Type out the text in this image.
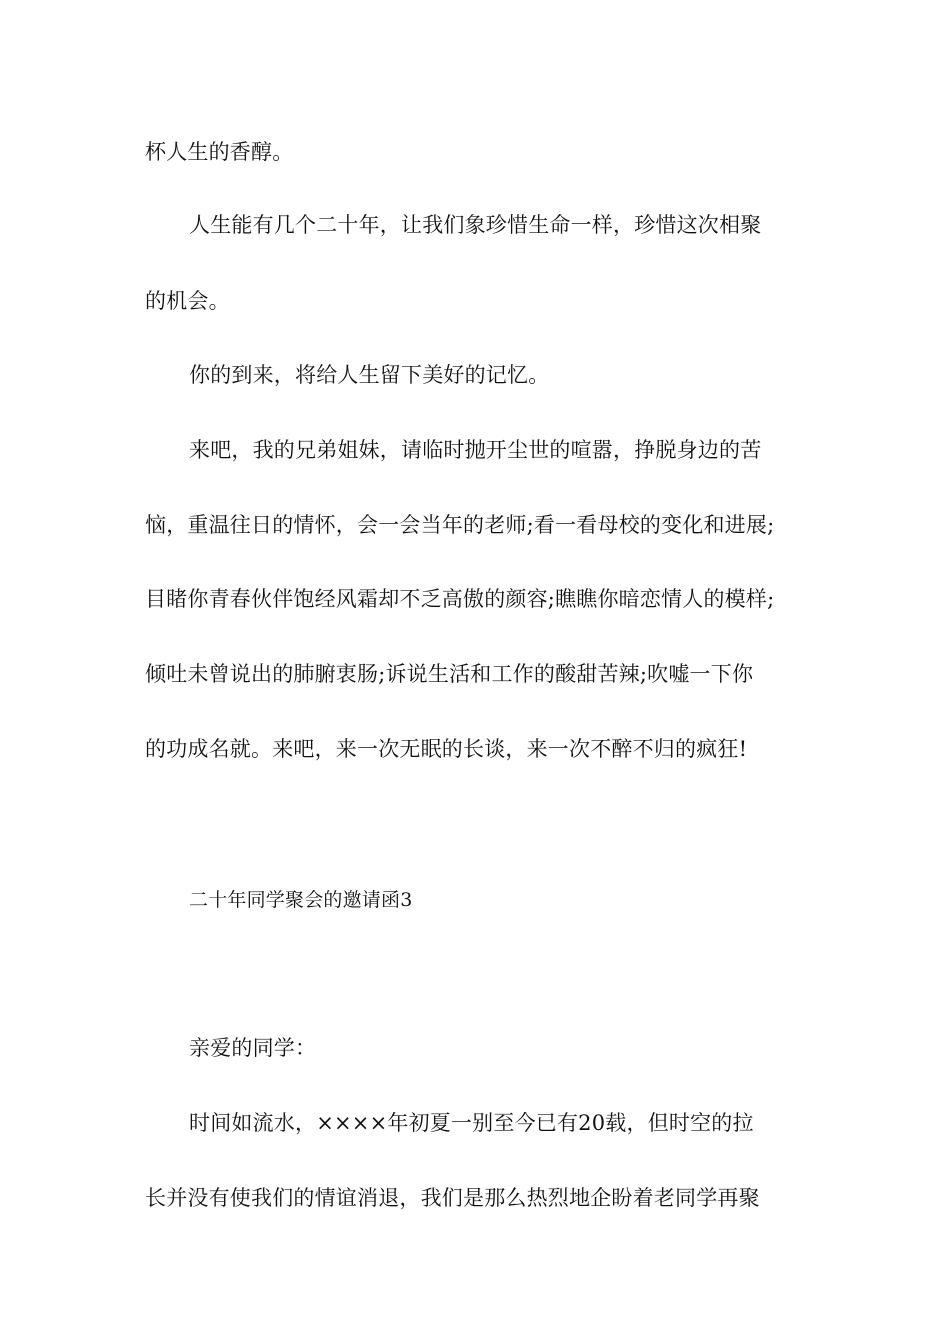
杯人生的香醇。
人生能有几个二十年，让我们象珍惜生命一样，珍惜这次相聚
的机会。
你的到来，将给人生留下美好的记忆。
来吧，我的兄弟姐妹，请临时抛开尘世的喧嚣，挣脱身边的苦
恼，重温往日的情怀，会一会当年的老师;看一看母校的变化和进展;
目睹你青春伙伴饱经风霜却不乏高傲的颜容;瞧瞧你暗恋情人的模样;
倾吐未曾说出的肺腑衷肠;诉说生活和工作的酸甜苦辣;吹嘘一下你
的功成名就。来吧，来一次无眠的长谈，来一次不醉不归的疯狂!
二十年同学聚会的邀请函3
亲爱的同学：
时间如流水，××××年初夏一别至今已有20载，但时空的拉
长并没有使我们的情谊消退，我们是那么热烈地企盼着老同学再聚
